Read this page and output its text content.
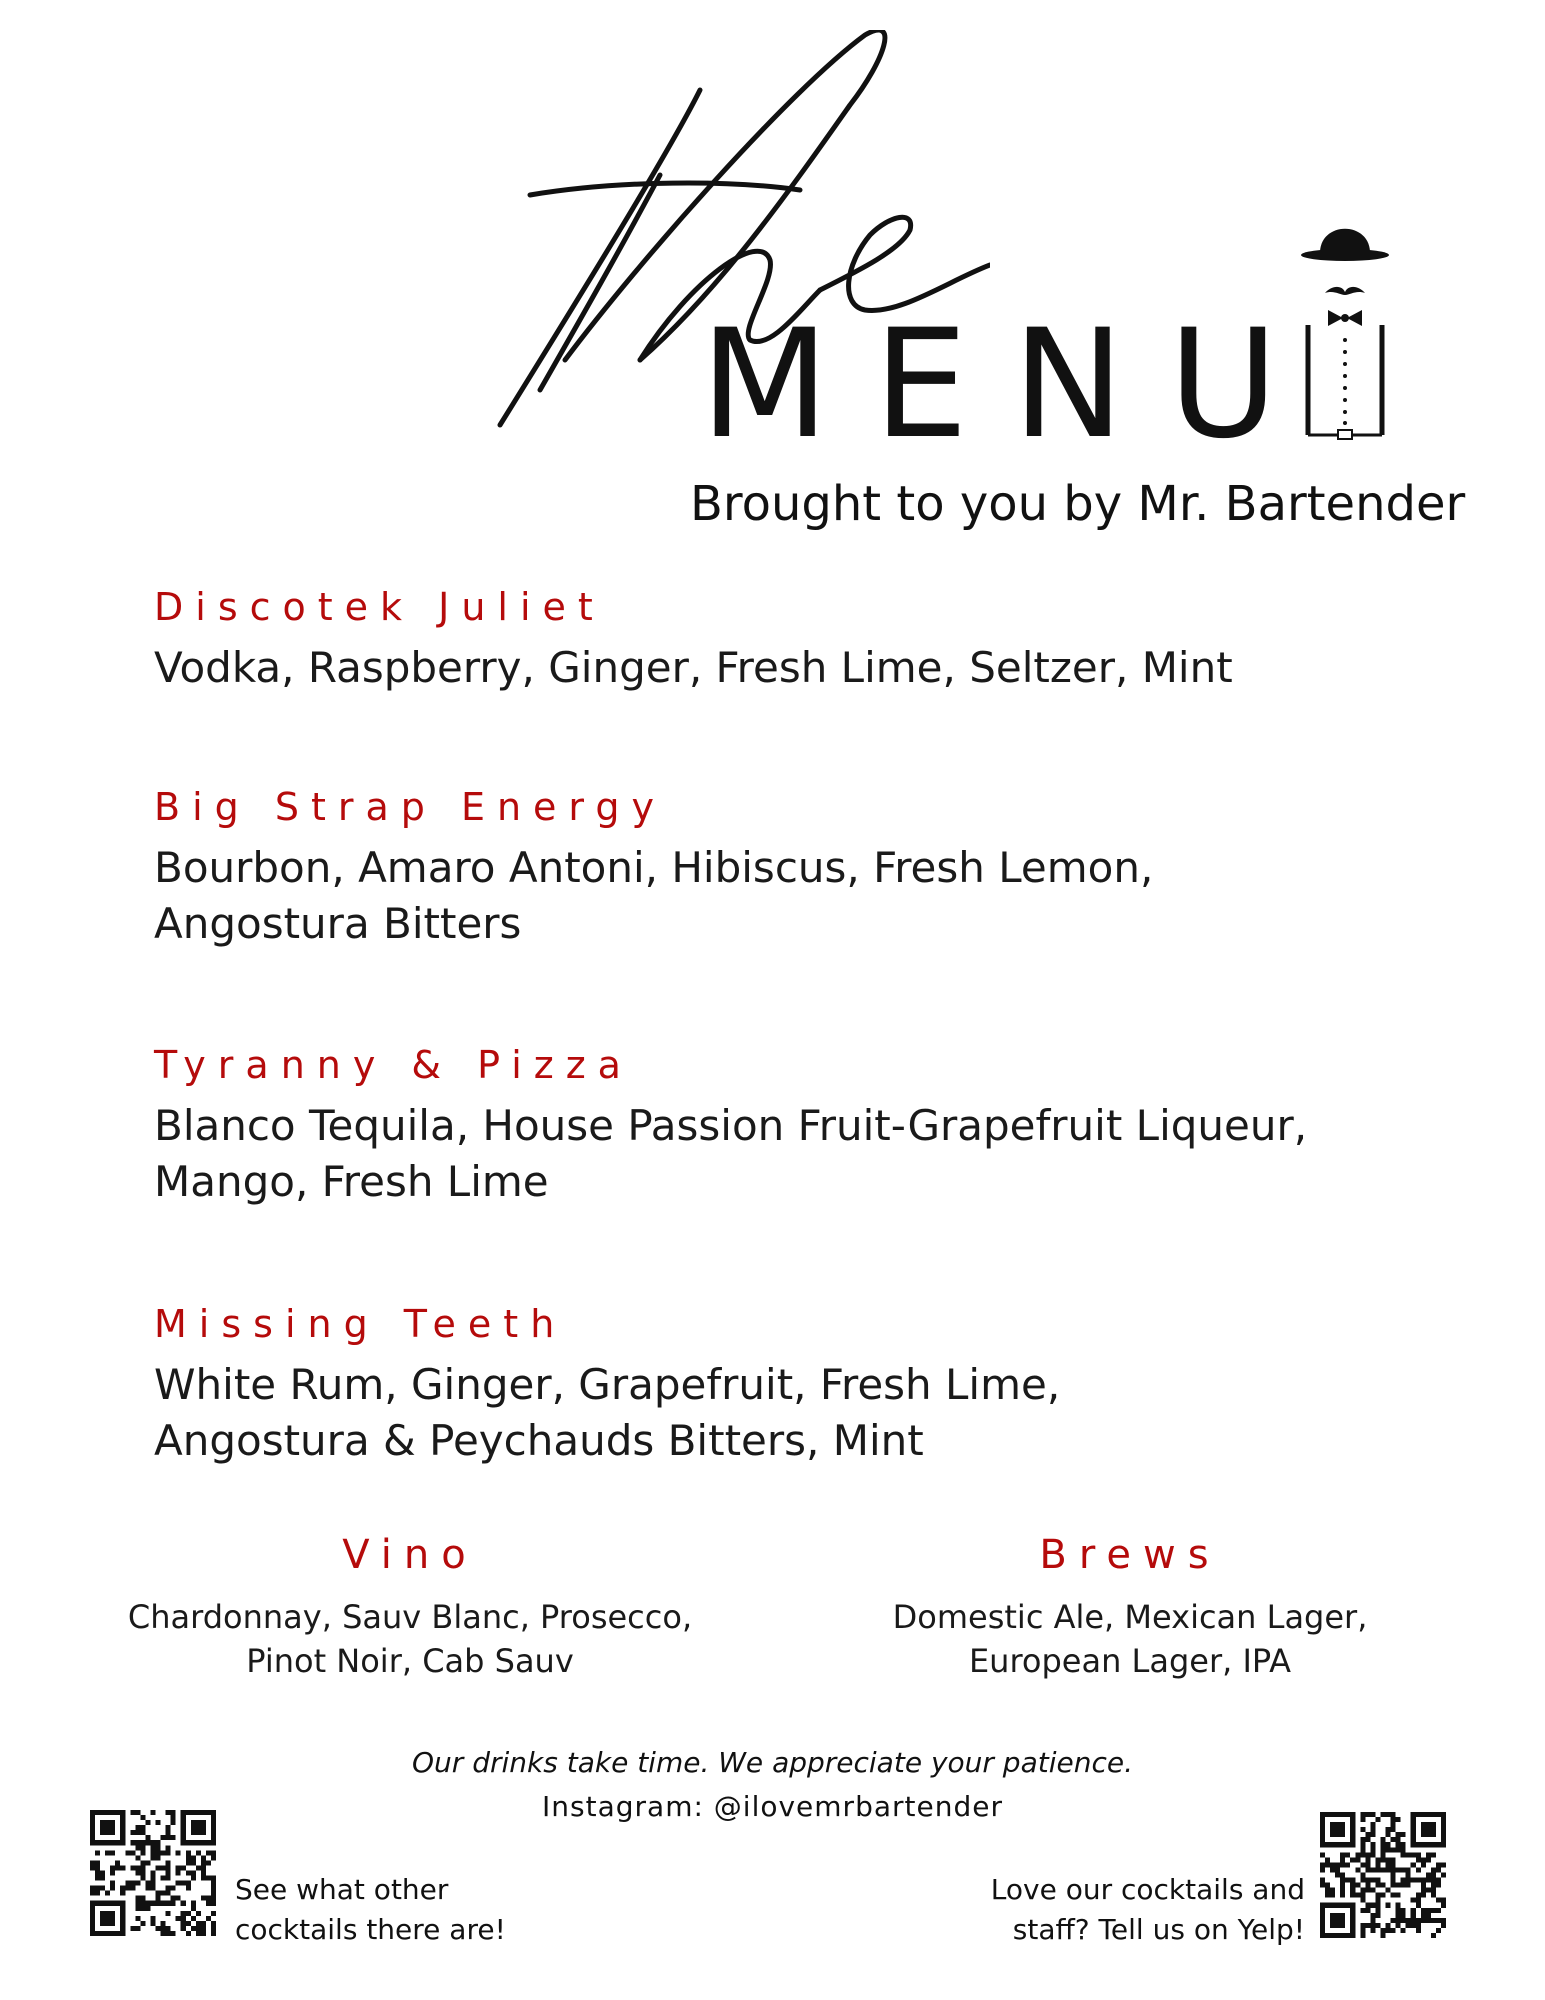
MENU
Brought to you by Mr. Bartender
Discotek Juliet
Vodka, Raspberry, Ginger, Fresh Lime, Seltzer, Mint
Big Strap Energy
Bourbon, Amaro Antoni, Hibiscus, Fresh Lemon,
Angostura Bitters
Tyranny & Pizza
Blanco Tequila, House Passion Fruit-Grapefruit Liqueur,
Mango, Fresh Lime
Missing Teeth
White Rum, Ginger, Grapefruit, Fresh Lime,
Angostura & Peychauds Bitters, Mint
Vino
Chardonnay, Sauv Blanc, Prosecco,
Pinot Noir, Cab Sauv
Brews
Domestic Ale, Mexican Lager,
European Lager, IPA
Our drinks take time. We appreciate your patience.
Instagram: @ilovemrbartender
See what other
cocktails there are!
Love our cocktails and
staff? Tell us on Yelp!
